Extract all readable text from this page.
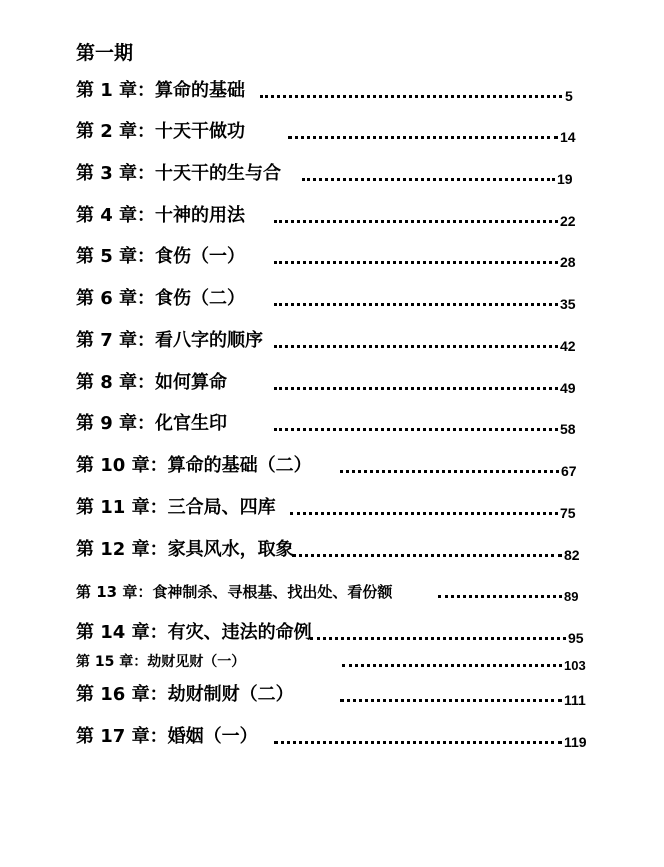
第一期
第 1 章：算命的基础	5
第 2 章：十天干做功	14
第 3 章：十天干的生与合	19
第 4 章：十神的用法	22
第 5 章：食伤（一）	28
第 6 章：食伤（二）	35
第 7 章：看八字的顺序	42
第 8 章：如何算命	49
第 9 章：化官生印	58
第 10 章：算命的基础（二）	67
第 11 章：三合局、四库	75
第 12 章：家具风水，取象	82
第 13 章：食神制杀、寻根基、找出处、看份额	89
第 14 章：有灾、违法的命例	95
第 15 章：劫财见财（一）	103
第 16 章：劫财制财（二）	111
第 17 章：婚姻（一）	119
